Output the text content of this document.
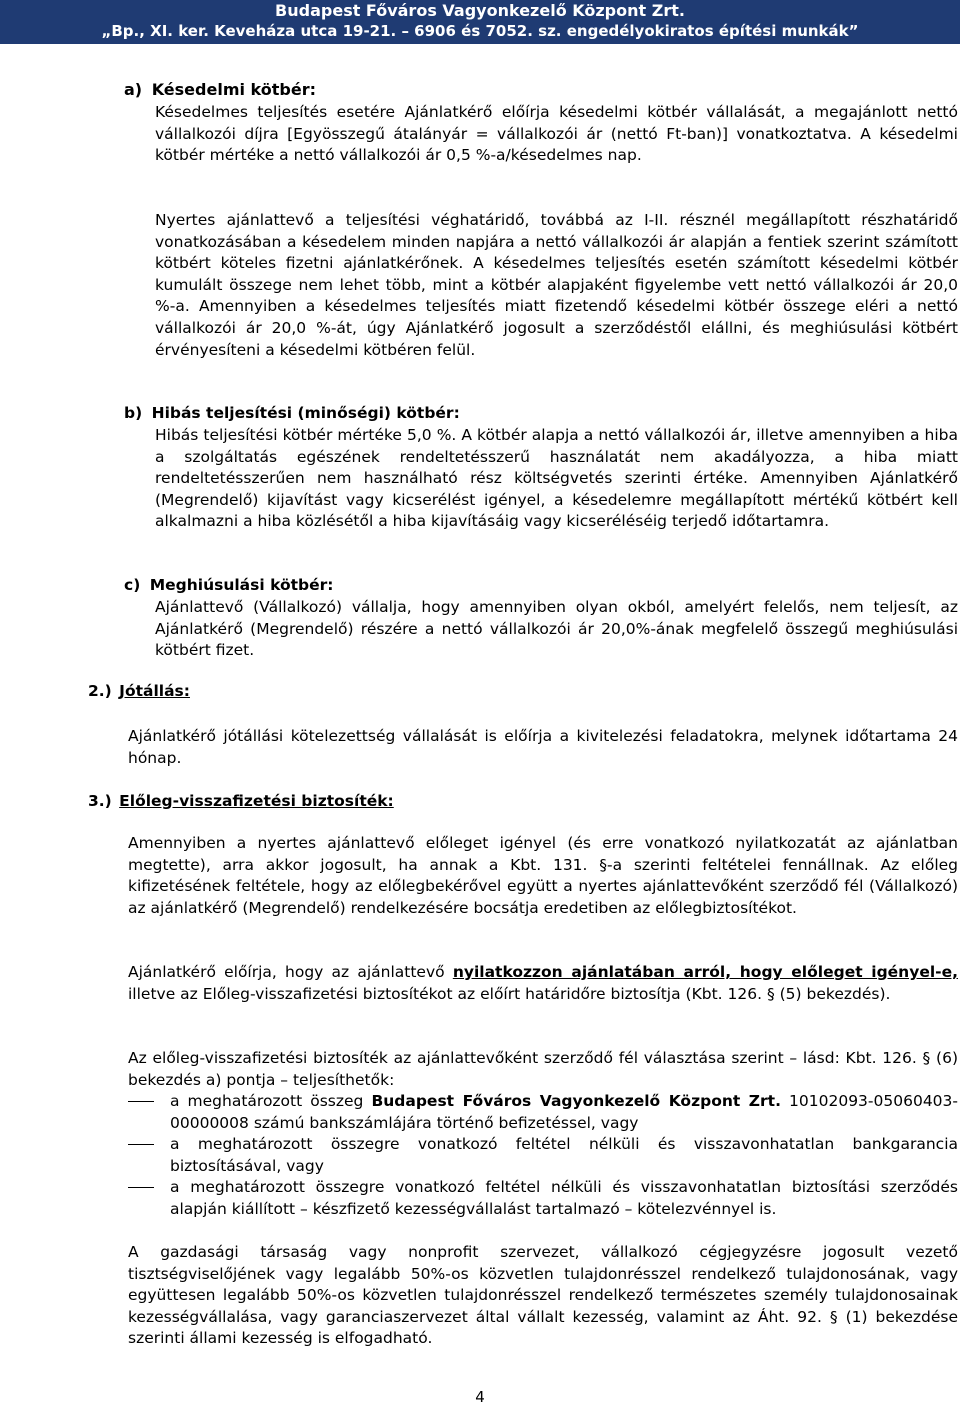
Budapest Főváros Vagyonkezelő Központ Zrt.
„Bp., XI. ker. Keveháza utca 19-21. – 6906 és 7052. sz. engedélyokiratos építési munkák”
a) Késedelmi kötbér:

Késedelmes teljesítés esetére Ajánlatkérő előírja késedelmi kötbér vállalását, a megajánlott nettó vállalkozói díjra [Egyösszegű átalányár = vállalkozói ár (nettó Ft-ban)] vonatkoztatva. A késedelmi kötbér mértéke a nettó vállalkozói ár 0,5 %-a/késedelmes nap.

Nyertes ajánlattevő a teljesítési véghatáridő, továbbá az I-II. résznél megállapított részhatáridő vonatkozásában a késedelem minden napjára a nettó vállalkozói ár alapján a fentiek szerint számított kötbért köteles fizetni ajánlatkérőnek. A késedelmes teljesítés esetén számított késedelmi kötbér kumulált összege nem lehet több, mint a kötbér alapjaként figyelembe vett nettó vállalkozói ár 20,0 %-a. Amennyiben a késedelmes teljesítés miatt fizetendő késedelmi kötbér összege eléri a nettó vállalkozói ár 20,0 %-át, úgy Ajánlatkérő jogosult a szerződéstől elállni, és meghiúsulási kötbért érvényesíteni a késedelmi kötbéren felül.

b) Hibás teljesítési (minőségi) kötbér:

Hibás teljesítési kötbér mértéke 5,0 %. A kötbér alapja a nettó vállalkozói ár, illetve amennyiben a hiba a szolgáltatás egészének rendeltetésszerű használatát nem akadályozza, a hiba miatt rendeltetésszerűen nem használható rész költségvetés szerinti értéke. Amennyiben Ajánlatkérő (Megrendelő) kijavítást vagy kicserélést igényel, a késedelemre megállapított mértékű kötbért kell alkalmazni a hiba közlésétől a hiba kijavításáig vagy kicseréléséig terjedő időtartamra.

c) Meghiúsulási kötbér:

Ajánlattevő (Vállalkozó) vállalja, hogy amennyiben olyan okból, amelyért felelős, nem teljesít, az Ajánlatkérő (Megrendelő) részére a nettó vállalkozói ár 20,0%-ának megfelelő összegű meghiúsulási kötbért fizet.

2.) Jótállás:

Ajánlatkérő jótállási kötelezettség vállalását is előírja a kivitelezési feladatokra, melynek időtartama 24 hónap.

3.) Előleg-visszafizetési biztosíték:

Amennyiben a nyertes ajánlattevő előleget igényel (és erre vonatkozó nyilatkozatát az ajánlatban megtette), arra akkor jogosult, ha annak a Kbt. 131. §-a szerinti feltételei fennállnak. Az előleg kifizetésének feltétele, hogy az előlegbekérővel együtt a nyertes ajánlattevőként szerződő fél (Vállalkozó) az ajánlatkérő (Megrendelő) rendelkezésére bocsátja eredetiben az előlegbiztosítékot.

Ajánlatkérő előírja, hogy az ajánlattevő nyilatkozzon ajánlatában arról, hogy előleget igényel-e, illetve az Előleg-visszafizetési biztosítékot az előírt határidőre biztosítja (Kbt. 126. § (5) bekezdés).

Az előleg-visszafizetési biztosíték az ajánlattevőként szerződő fél választása szerint – lásd: Kbt. 126. § (6) bekezdés a) pontja – teljesíthetők:

a meghatározott összeg Budapest Főváros Vagyonkezelő Központ Zrt. 10102093-05060403-00000008 számú bankszámlájára történő befizetéssel, vagy
a meghatározott összegre vonatkozó feltétel nélküli és visszavonhatatlan bankgarancia biztosításával, vagy
a meghatározott összegre vonatkozó feltétel nélküli és visszavonhatatlan biztosítási szerződés alapján kiállított – készfizető kezességvállalást tartalmazó – kötelezvénnyel is.

A gazdasági társaság vagy nonprofit szervezet, vállalkozó cégjegyzésre jogosult vezető tisztségviselőjének vagy legalább 50%-os közvetlen tulajdonrésszel rendelkező tulajdonosának, vagy együttesen legalább 50%-os közvetlen tulajdonrésszel rendelkező természetes személy tulajdonosainak kezességvállalása, vagy garanciaszervezet által vállalt kezesség, valamint az Áht. 92. § (1) bekezdése szerinti állami kezesség is elfogadható.

4
